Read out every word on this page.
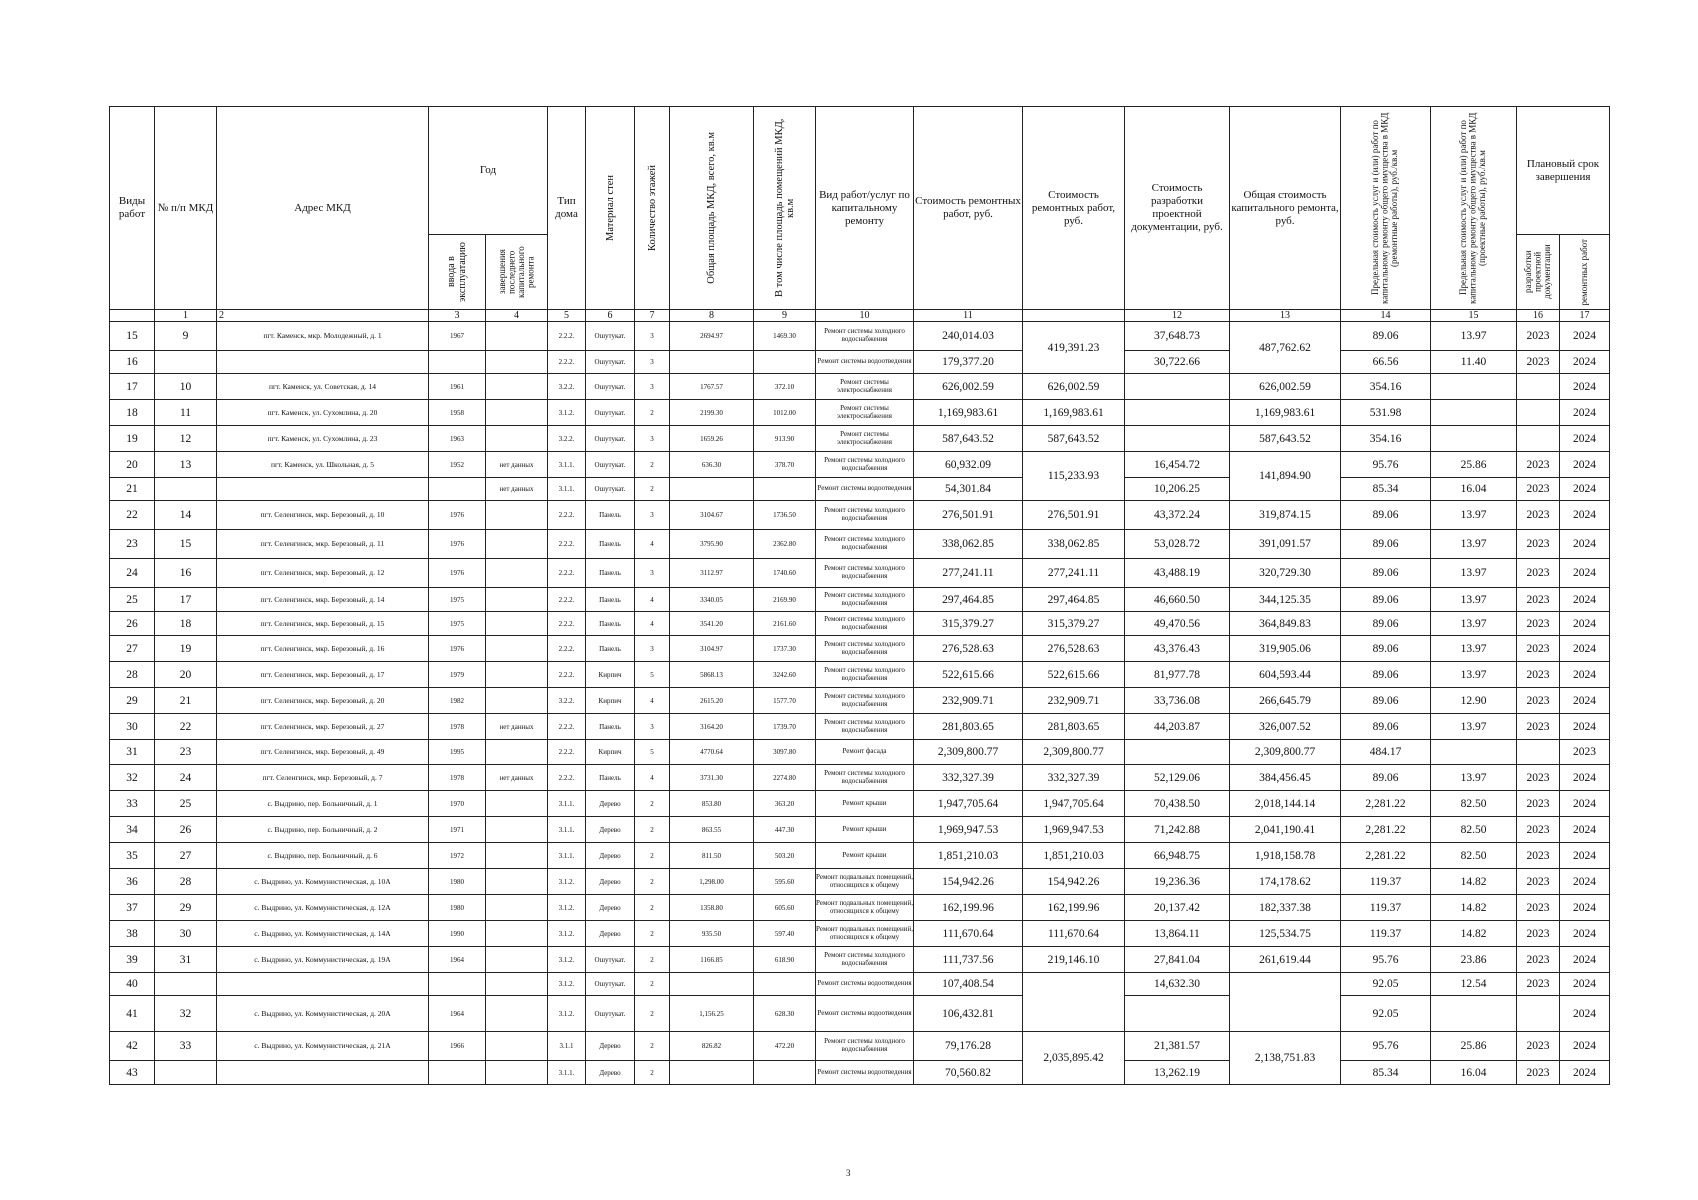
Виды работ	№ п/п МКД	Адрес МКД	Год		Тип дома	Материал стен	Количество этажей	Общая площадь МКД, всего, кв.м	В том числе площадь помещений МКД, кв.м	Вид работ/услуг по капитальному ремонту	Стоимость ремонтных работ, руб.	Стоимость ремонтных работ, руб.	Стоимость разработки проектной документации, руб.	Общая стоимость капитального ремонта, руб.	Предельная стоимость услуг и (или) работ по капитальному ремонту общего имущества в МКД (ремонтные работы), руб./кв.м	Предельная стоимость услуг и (или) работ по капитальному ремонту общего имущества в МКД (проектные работы), руб./кв.м	Плановый срок завершения	

			ввода в эксплуатацию	завершения последнего капитального ремонта													разработки проектной документации	ремонтных работ

	1	2	3	4	5	6	7	8	9	10	11		12	13	14	15	16	17
15	9	пгт. Каменск, мкр. Молодежный, д. 1	1967		2.2.2.	Ошутукат.	3	2694.97	1469.30	Ремонт системы холодного водоснабжения	240,014.03	419,391.23	37,648.73	487,762.62	89.06	13.97	2023	2024
16					2.2.2.	Ошутукат.	3			Ремонт системы водоотведения	179,377.20		30,722.66		66.56	11.40	2023	2024
17	10	пгт. Каменск, ул. Советская, д. 14	1961		3.2.2.	Ошутукат.	3	1767.57	372.10	Ремонт системы электроснабжения	626,002.59	626,002.59		626,002.59	354.16			2024
18	11	пгт. Каменск, ул. Сухомлина, д. 20	1958		3.1.2.	Ошутукат.	2	2199.30	1012.00	Ремонт системы электроснабжения	1,169,983.61	1,169,983.61		1,169,983.61	531.98			2024
19	12	пгт. Каменск, ул. Сухомлина, д. 23	1963		3.2.2.	Ошутукат.	3	1659.26	913.90	Ремонт системы электроснабжения	587,643.52	587,643.52		587,643.52	354.16			2024
20	13	пгт. Каменск, ул. Школьная, д. 5	1952	нет данных	3.1.1.	Ошутукат.	2	636.30	378.70	Ремонт системы холодного водоснабжения	60,932.09	115,233.93	16,454.72	141,894.90	95.76	25.86	2023	2024
21				нет данных	3.1.1.	Ошутукат.	2			Ремонт системы водоотведения	54,301.84		10,206.25		85.34	16.04	2023	2024
22	14	пгт. Селенгинск, мкр. Березовый, д. 10	1976		2.2.2.	Панель	3	3104.67	1736.50	Ремонт системы холодного водоснабжения	276,501.91	276,501.91	43,372.24	319,874.15	89.06	13.97	2023	2024
23	15	пгт. Селенгинск, мкр. Березовый, д. 11	1976		2.2.2.	Панель	4	3795.90	2362.80	Ремонт системы холодного водоснабжения	338,062.85	338,062.85	53,028.72	391,091.57	89.06	13.97	2023	2024
24	16	пгт. Селенгинск, мкр. Березовый, д. 12	1976		2.2.2.	Панель	3	3112.97	1740.60	Ремонт системы холодного водоснабжения	277,241.11	277,241.11	43,488.19	320,729.30	89.06	13.97	2023	2024
25	17	пгт. Селенгинск, мкр. Березовый, д. 14	1975		2.2.2.	Панель	4	3340.05	2169.90	Ремонт системы холодного водоснабжения	297,464.85	297,464.85	46,660.50	344,125.35	89.06	13.97	2023	2024
26	18	пгт. Селенгинск, мкр. Березовый, д. 15	1975		2.2.2.	Панель	4	3541.20	2161.60	Ремонт системы холодного водоснабжения	315,379.27	315,379.27	49,470.56	364,849.83	89.06	13.97	2023	2024
27	19	пгт. Селенгинск, мкр. Березовый, д. 16	1976		2.2.2.	Панель	3	3104.97	1737.30	Ремонт системы холодного водоснабжения	276,528.63	276,528.63	43,376.43	319,905.06	89.06	13.97	2023	2024
28	20	пгт. Селенгинск, мкр. Березовый, д. 17	1979		2.2.2.	Кирпич	5	5868.13	3242.60	Ремонт системы холодного водоснабжения	522,615.66	522,615.66	81,977.78	604,593.44	89.06	13.97	2023	2024
29	21	пгт. Селенгинск, мкр. Березовый, д. 20	1982		3.2.2.	Кирпич	4	2615.20	1577.70	Ремонт системы холодного водоснабжения	232,909.71	232,909.71	33,736.08	266,645.79	89.06	12.90	2023	2024
30	22	пгт. Селенгинск, мкр. Березовый, д. 27	1978	нет данных	2.2.2.	Панель	3	3164.20	1739.70	Ремонт системы холодного водоснабжения	281,803.65	281,803.65	44,203.87	326,007.52	89.06	13.97	2023	2024
31	23	пгт. Селенгинск, мкр. Березовый, д. 49	1995		2.2.2.	Кирпич	5	4770.64	3097.80	Ремонт фасада	2,309,800.77	2,309,800.77		2,309,800.77	484.17			2023
32	24	пгт. Селенгинск, мкр. Березовый, д. 7	1978	нет данных	2.2.2.	Панель	4	3731.30	2274.80	Ремонт системы холодного водоснабжения	332,327.39	332,327.39	52,129.06	384,456.45	89.06	13.97	2023	2024
33	25	с. Выдрино, пер. Больничный, д. 1	1970		3.1.1.	Дерево	2	853.80	363.20	Ремонт крыши	1,947,705.64	1,947,705.64	70,438.50	2,018,144.14	2,281.22	82.50	2023	2024
34	26	с. Выдрино, пер. Больничный, д. 2	1971		3.1.1.	Дерево	2	863.55	447.30	Ремонт крыши	1,969,947.53	1,969,947.53	71,242.88	2,041,190.41	2,281.22	82.50	2023	2024
35	27	с. Выдрино, пер. Больничный, д. 6	1972		3.1.1.	Дерево	2	811.50	503.20	Ремонт крыши	1,851,210.03	1,851,210.03	66,948.75	1,918,158.78	2,281.22	82.50	2023	2024
36	28	с. Выдрино, ул. Коммунистическая, д. 10А	1980		3.1.2.	Дерево	2	1,298.00	595.60	Ремонт подвальных помещений, относящихся к общему	154,942.26	154,942.26	19,236.36	174,178.62	119.37	14.82	2023	2024
37	29	с. Выдрино, ул. Коммунистическая, д. 12А	1980		3.1.2.	Дерево	2	1358.80	605.60	Ремонт подвальных помещений, относящихся к общему	162,199.96	162,199.96	20,137.42	182,337.38	119.37	14.82	2023	2024
38	30	с. Выдрино, ул. Коммунистическая, д. 14А	1990		3.1.2.	Дерево	2	935.50	597.40	Ремонт подвальных помещений, относящихся к общему	111,670.64	111,670.64	13,864.11	125,534.75	119.37	14.82	2023	2024
39	31	с. Выдрино, ул. Коммунистическая, д. 19А	1964		3.1.2.	Ошутукат.	2	1166.85	618.90	Ремонт системы холодного водоснабжения	111,737.56	219,146.10	27,841.04	261,619.44	95.76	23.86	2023	2024
40					3.1.2.	Ошутукат.	2			Ремонт системы водоотведения	107,408.54		14,632.30		92.05	12.54	2023	2024
41	32	с. Выдрино, ул. Коммунистическая, д. 20А	1964		3.1.2.	Ошутукат.	2	1,156.25	628.30	Ремонт системы водоотведения	106,432.81				92.05			2024
42	33	с. Выдрино, ул. Коммунистическая, д. 21А	1966		3.1.1	Дерево	2	826.82	472.20	Ремонт системы холодного водоснабжения	79,176.28	2,035,895.42	21,381.57	2,138,751.83	95.76	25.86	2023	2024
43					3.1.1.	Дерево	2			Ремонт системы водоотведения	70,560.82		13,262.19		85.34	16.04	2023	2024
3
